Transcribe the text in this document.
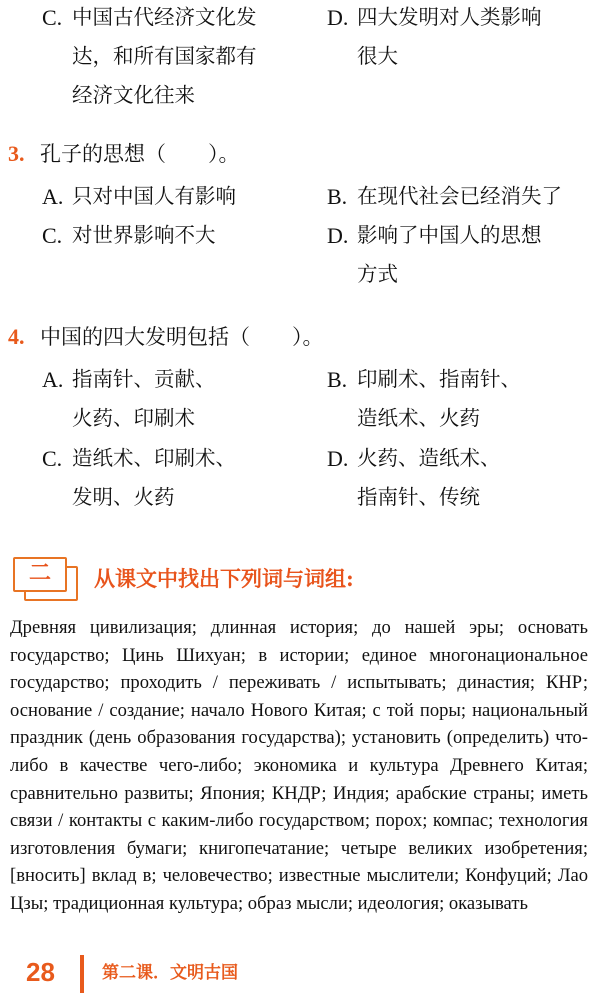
C. 中国古代经济文化发
达，和所有国家都有
经济文化往来
D. 四大发明对人类影响
很大
3. 孔子的思想（　　）。
A. 只对中国人有影响	B. 在现代社会已经消失了
C. 对世界影响不大	D. 影响了中国人的思想
方式
4. 中国的四大发明包括（　　）。
A. 指南针、贡献、
火药、印刷术
B. 印刷术、指南针、
造纸术、火药
C. 造纸术、印刷术、
发明、火药
D. 火药、造纸术、
指南针、传统
二	从课文中找出下列词与词组:
Древняя цивилизация; длинная история; до нашей эры; основать государство; Цинь Шихуан; в истории; единое многонациональное государство; проходить / переживать / испытывать; династия; КНР; основание / создание; начало Нового Китая; с той поры; национальный праздник (день образования государства); установить (определить) что-либо в качестве чего-либо; экономика и культура Древнего Китая; сравнительно развиты; Япония; КНДР; Индия; арабские страны; иметь связи / контакты с каким-либо государством; порох; компас; технология изготовления бумаги; книгопечатание; четыре великих изобретения; [вносить] вклад в; человечество; известные мыслители; Конфуций; Лао Цзы; традиционная культура; образ мысли; идеология; оказывать
28	第二课．文明古国
